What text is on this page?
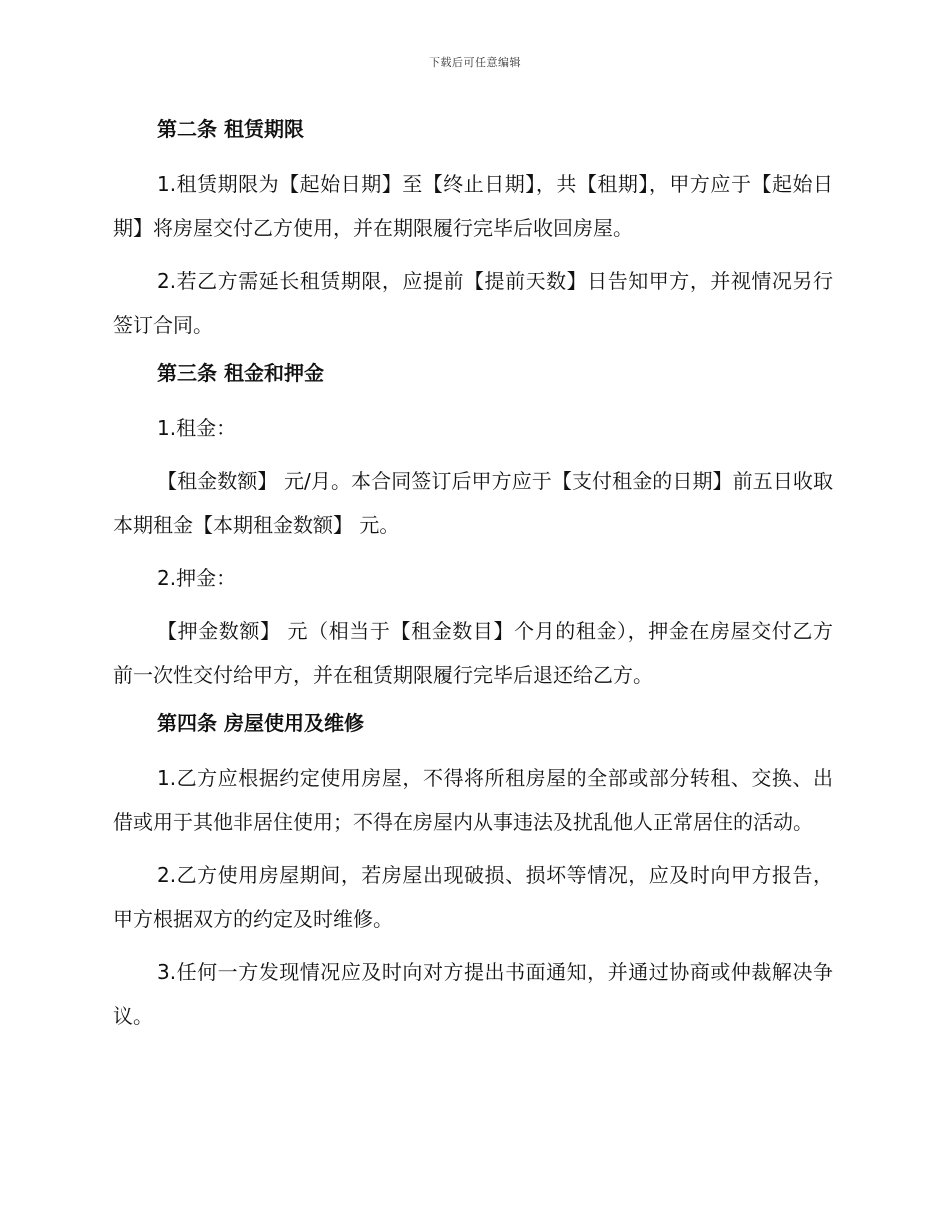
下载后可任意编辑
第二条 租赁期限

1.租赁期限为【起始日期】至【终止日期】，共【租期】，甲方应于【起始日期】将房屋交付乙方使用，并在期限履行完毕后收回房屋。

2.若乙方需延长租赁期限，应提前【提前天数】日告知甲方，并视情况另行签订合同。

第三条 租金和押金

1.租金：

【租金数额】 元/月。本合同签订后甲方应于【支付租金的日期】前五日收取本期租金【本期租金数额】 元。

2.押金：

【押金数额】 元（相当于【租金数目】个月的租金），押金在房屋交付乙方前一次性交付给甲方，并在租赁期限履行完毕后退还给乙方。

第四条 房屋使用及维修

1.乙方应根据约定使用房屋，不得将所租房屋的全部或部分转租、交换、出借或用于其他非居住使用；不得在房屋内从事违法及扰乱他人正常居住的活动。

2.乙方使用房屋期间，若房屋出现破损、损坏等情况，应及时向甲方报告，甲方根据双方的约定及时维修。

3.任何一方发现情况应及时向对方提出书面通知，并通过协商或仲裁解决争议。
